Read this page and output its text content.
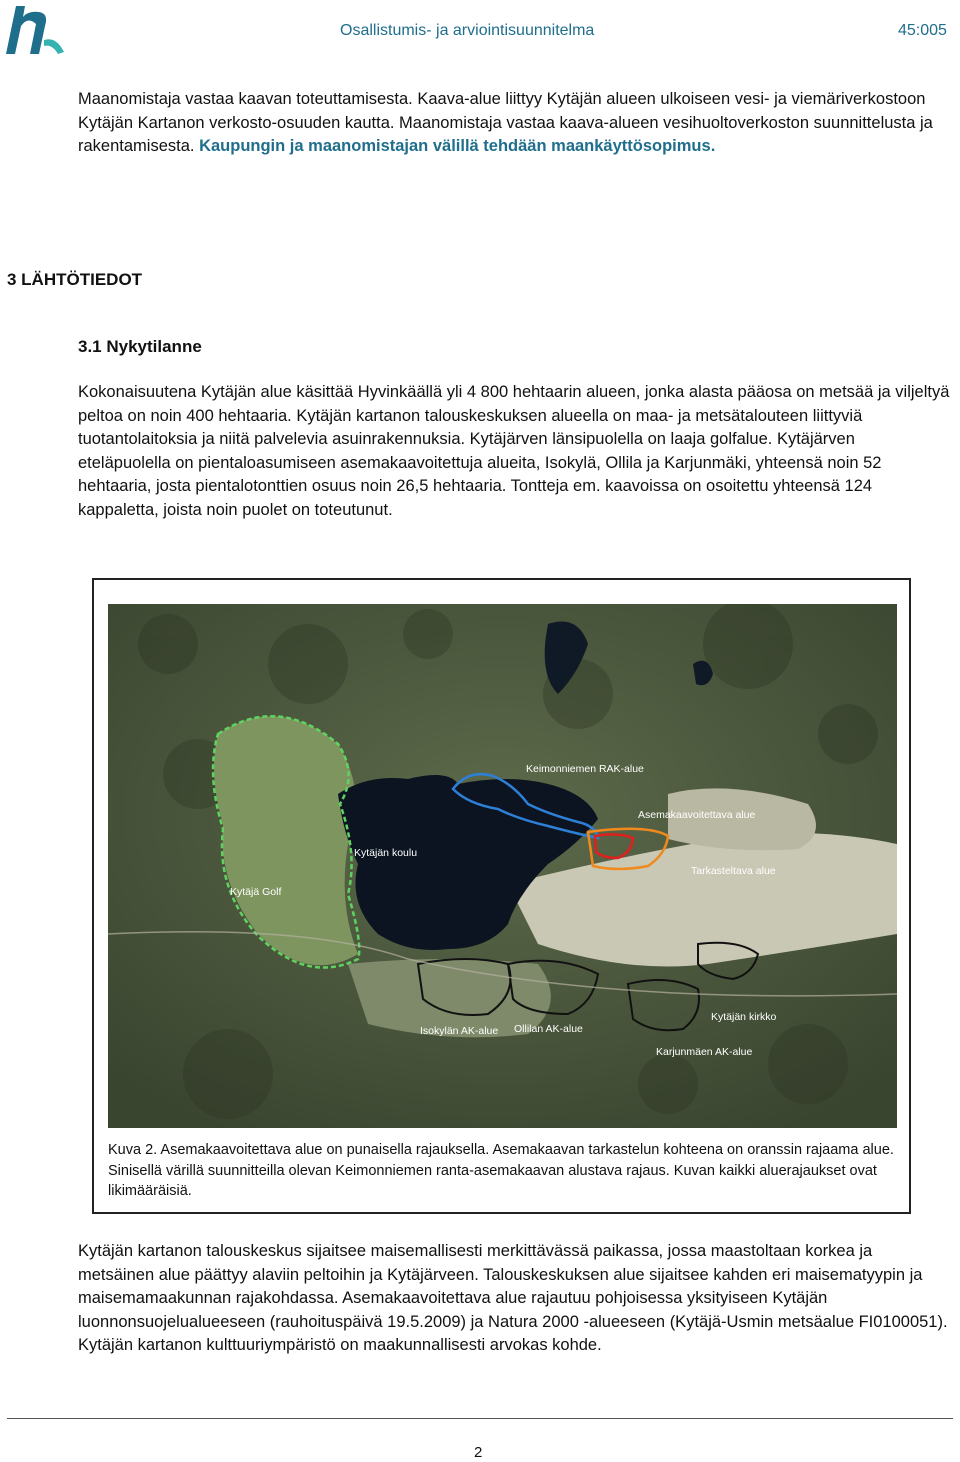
Osallistumis- ja arviointisuunnitelma	45:005

Maanomistaja vastaa kaavan toteuttamisesta. Kaava-alue liittyy Kytäjän alueen ulkoiseen vesi- ja viemäriverkostoon Kytäjän Kartanon verkosto-osuuden kautta. Maanomistaja vastaa kaava-alueen vesihuoltoverkoston suunnittelusta ja rakentamisesta. Kaupungin ja maanomistajan välillä tehdään maankäyttösopimus.

3 LÄHTÖTIEDOT
3.1 Nykytilanne

Kokonaisuutena Kytäjän alue käsittää Hyvinkäällä yli 4 800 hehtaarin alueen, jonka alasta pääosa on metsää ja viljeltyä peltoa on noin 400 hehtaaria. Kytäjän kartanon talouskeskuksen alueella on maa- ja metsätalouteen liittyviä tuotantolaitoksia ja niitä palvelevia asuinrakennuksia. Kytäjärven länsipuolella on laaja golfalue. Kytäjärven eteläpuolella on pientaloasumiseen asemakaavoitettuja alueita, Isokylä, Ollila ja Karjunmäki, yhteensä noin 52 hehtaaria, josta pientalotonttien osuus noin 26,5 hehtaaria. Tontteja em. kaavoissa on osoitettu yhteensä 124 kappaletta, joista noin puolet on toteutunut.

Keimonniemen RAK-alue
Asemakaavoitettava alue
Tarkasteltava alue
Kytäjän koulu
Kytäjä Golf
Isokylän AK-alue Ollilan AK-alue
Kytäjän kirkko
Karjunmäen AK-alue

Kuva 2. Asemakaavoitettava alue on punaisella rajauksella. Asemakaavan tarkastelun kohteena on oranssin rajaama alue. Sinisellä värillä suunnitteilla olevan Keimonniemen ranta-asemakaavan alustava rajaus. Kuvan kaikki aluerajaukset ovat likimääräisiä.

Kytäjän kartanon talouskeskus sijaitsee maisemallisesti merkittävässä paikassa, jossa maastoltaan korkea ja metsäinen alue päättyy alaviin peltoihin ja Kytäjärveen. Talouskeskuksen alue sijaitsee kahden eri maisematyypin ja maisemamaakunnan rajakohdassa. Asemakaavoitettava alue rajautuu pohjoisessa yksityiseen Kytäjän luonnonsuojelualueeseen (rauhoituspäivä 19.5.2009) ja Natura 2000 -alueeseen (Kytäjä-Usmin metsäalue FI0100051). Kytäjän kartanon kulttuuriympäristö on maakunnallisesti arvokas kohde.

2
